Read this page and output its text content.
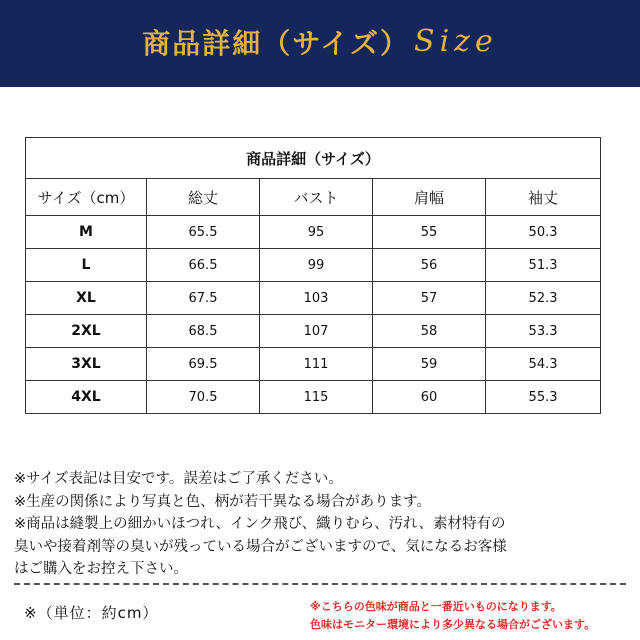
商品詳細（サイズ） Size
商品詳細（サイズ）				
サイズ（cm）	総丈	バスト	肩幅	袖丈
M	65.5	95	55	50.3
L	66.5	99	56	51.3
XL	67.5	103	57	52.3
2XL	68.5	107	58	53.3
3XL	69.5	111	59	54.3
4XL	70.5	115	60	55.3
※サイズ表記は目安です。誤差はご了承ください。
※生産の関係により写真と色、柄が若干異なる場合があります。
※商品は縫製上の細かいほつれ、インク飛び、織りむら、汚れ、素材特有の
臭いや接着剤等の臭いが残っている場合がございますので、気になるお客様
はご購入をお控え下さい。
※（単位：約cm）	※こちらの色味が商品と一番近いものになります。
色味はモニター環境により多少異なる場合がございます。
